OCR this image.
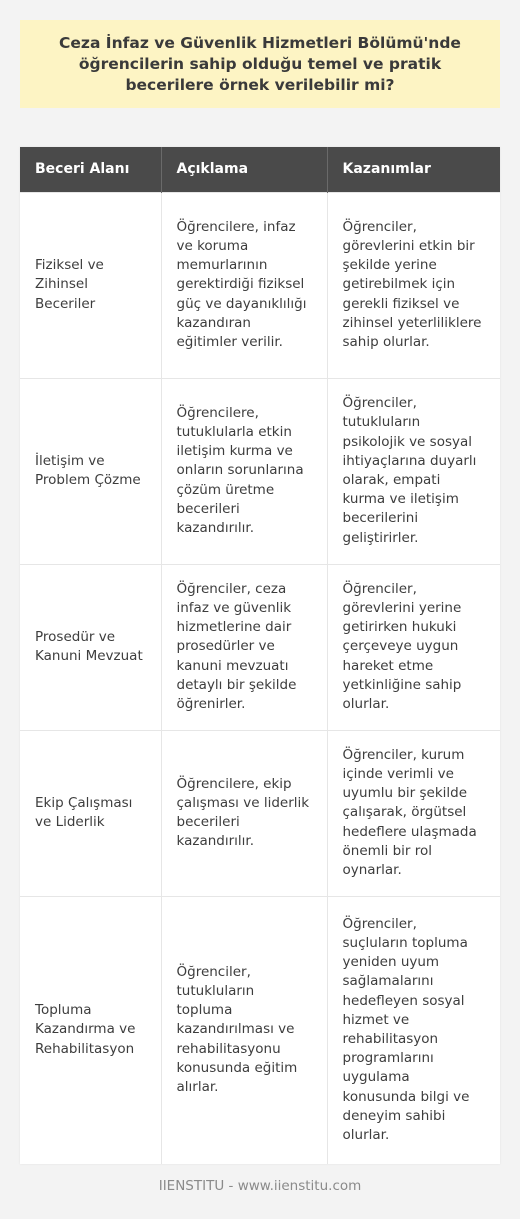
Ceza İnfaz ve Güvenlik Hizmetleri Bölümü'nde öğrencilerin sahip olduğu temel ve pratik becerilere örnek verilebilir mi?
Beceri Alanı	Açıklama	Kazanımlar
Fiziksel ve Zihinsel Beceriler	Öğrencilere, infaz ve koruma memurlarının gerektirdiği fiziksel güç ve dayanıklılığı kazandıran eğitimler verilir.	Öğrenciler, görevlerini etkin bir şekilde yerine getirebilmek için gerekli fiziksel ve zihinsel yeterliliklere sahip olurlar.
İletişim ve Problem Çözme	Öğrencilere, tutuklularla etkin iletişim kurma ve onların sorunlarına çözüm üretme becerileri kazandırılır.	Öğrenciler, tutukluların psikolojik ve sosyal ihtiyaçlarına duyarlı olarak, empati kurma ve iletişim becerilerini geliştirirler.
Prosedür ve Kanuni Mevzuat	Öğrenciler, ceza infaz ve güvenlik hizmetlerine dair prosedürler ve kanuni mevzuatı detaylı bir şekilde öğrenirler.	Öğrenciler, görevlerini yerine getirirken hukuki çerçeveye uygun hareket etme yetkinliğine sahip olurlar.
Ekip Çalışması ve Liderlik	Öğrencilere, ekip çalışması ve liderlik becerileri kazandırılır.	Öğrenciler, kurum içinde verimli ve uyumlu bir şekilde çalışarak, örgütsel hedeflere ulaşmada önemli bir rol oynarlar.
Topluma Kazandırma ve Rehabilitasyon	Öğrenciler, tutukluların topluma kazandırılması ve rehabilitasyonu konusunda eğitim alırlar.	Öğrenciler, suçluların topluma yeniden uyum sağlamalarını hedefleyen sosyal hizmet ve rehabilitasyon programlarını uygulama konusunda bilgi ve deneyim sahibi olurlar.
IIENSTITU - www.iienstitu.com
